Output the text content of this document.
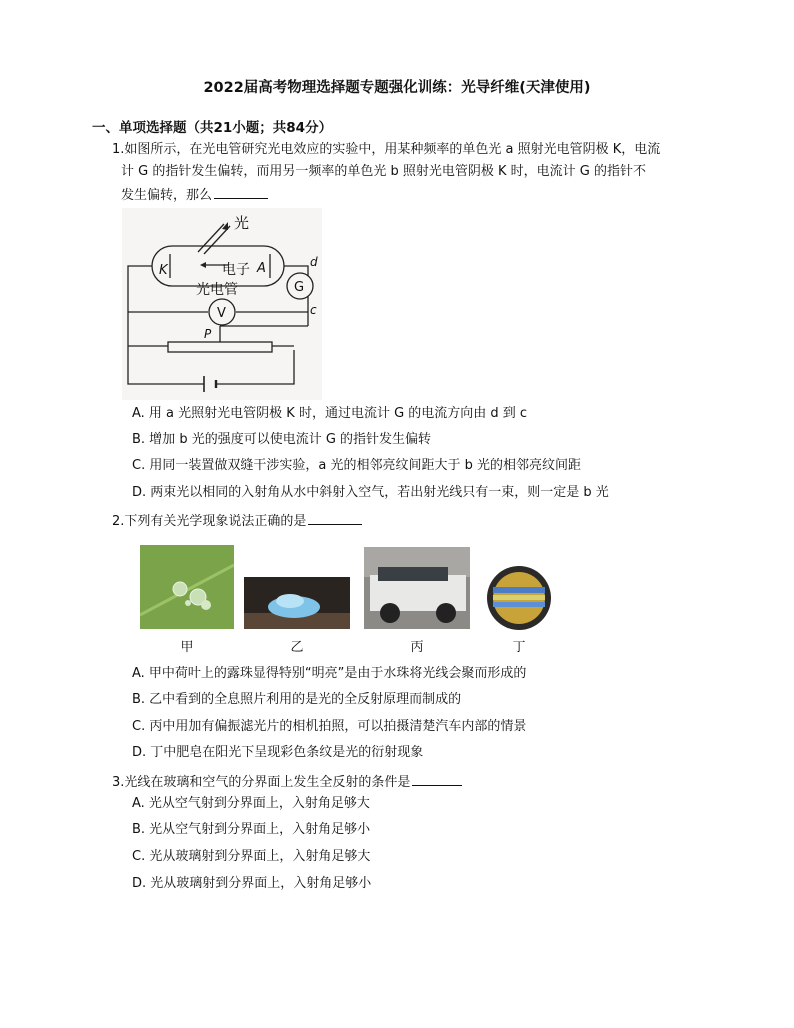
2022届高考物理选择题专题强化训练：光导纤维(天津使用)
一、单项选择题（共21小题；共84分）
1.如图所示，在光电管研究光电效应的实验中，用某种频率的单色光 a 照射光电管阴极 K，电流
计 G 的指针发生偏转，而用另一频率的单色光 b 照射光电管阴极 K 时，电流计 G 的指针不
发生偏转，那么
光
K	A
电子
光电管	G
V
d
c
P
A. 用 a 光照射光电管阴极 K 时，通过电流计 G 的电流方向由 d 到 c
B. 增加 b 光的强度可以使电流计 G 的指针发生偏转
C. 用同一装置做双缝干涉实验，a 光的相邻亮纹间距大于 b 光的相邻亮纹间距
D. 两束光以相同的入射角从水中斜射入空气，若出射光线只有一束，则一定是 b 光
2.下列有关光学现象说法正确的是
甲	乙	丙	丁
A. 甲中荷叶上的露珠显得特别“明亮”是由于水珠将光线会聚而形成的
B. 乙中看到的全息照片利用的是光的全反射原理而制成的
C. 丙中用加有偏振滤光片的相机拍照，可以拍摄清楚汽车内部的情景
D. 丁中肥皂在阳光下呈现彩色条纹是光的衍射现象
3.光线在玻璃和空气的分界面上发生全反射的条件是
A. 光从空气射到分界面上，入射角足够大
B. 光从空气射到分界面上，入射角足够小
C. 光从玻璃射到分界面上，入射角足够大
D. 光从玻璃射到分界面上，入射角足够小
